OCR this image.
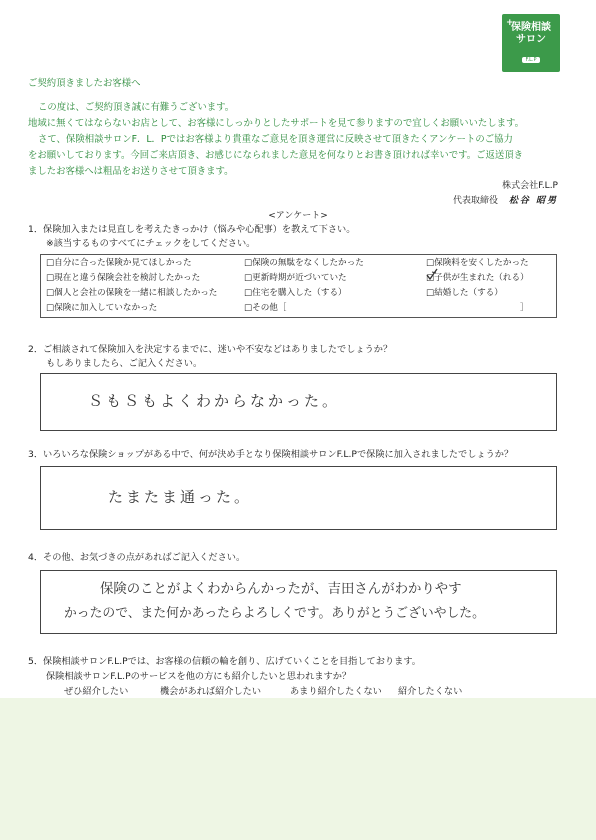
+
保険相談
サロン
F.L.P
ご契約頂きましたお客様へ

この度は、ご契約頂き誠に有難うございます。

地域に無くてはならないお店として、お客様にしっかりとしたサポートを見て参りますので宜しくお願いいたします。

さて、保険相談サロンF．L．Pではお客様より貴重なご意見を頂き運営に反映させて頂きたくアンケートのご協力

をお願いしております。今回ご来店頂き、お感じになられました意見を何なりとお書き頂ければ幸いです。ご返送頂き

ましたお客様へは粗品をお送りさせて頂きます。

株式会社F.L.P
代表取締役 松谷 昭男
<アンケート>
1．保険加入または見直しを考えたきっかけ（悩みや心配事）を教えて下さい。
※該当するものすべてにチェックをしてください。
□自分に合った保険か見てほしかった	□保険の無駄をなくしたかった	□保険料を安くしたかった
□現在と違う保険会社を検討したかった	□更新時期が近づいていた	□子供が生まれた（れる）
□個人と会社の保険を一緒に相談したかった	□住宅を購入した（する）	□結婚した（する）
□保険に加入していなかった	□その他［	］
2．ご相談されて保険加入を決定するまでに、迷いや不安などはありましたでしょうか？
もしありましたら、ご記入ください。
ＳもＳもよくわからなかった。
3．いろいろな保険ショップがある中で、何が決め手となり保険相談サロンF.L.Pで保険に加入されましたでしょうか？
たまたま通った。
4．その他、お気づきの点があればご記入ください。
保険のことがよくわからんかったが、吉田さんがわかりやす
かったので、また何かあったらよろしくです。ありがとうございやした。
5．保険相談サロンF.L.Pでは、お客様の信頼の輪を創り、広げていくことを目指しております。
保険相談サロンF.L.Pのサービスを他の方にも紹介したいと思われますか？
ぜひ紹介したい	機会があれば紹介したい	あまり紹介したくない 紹介したくない
